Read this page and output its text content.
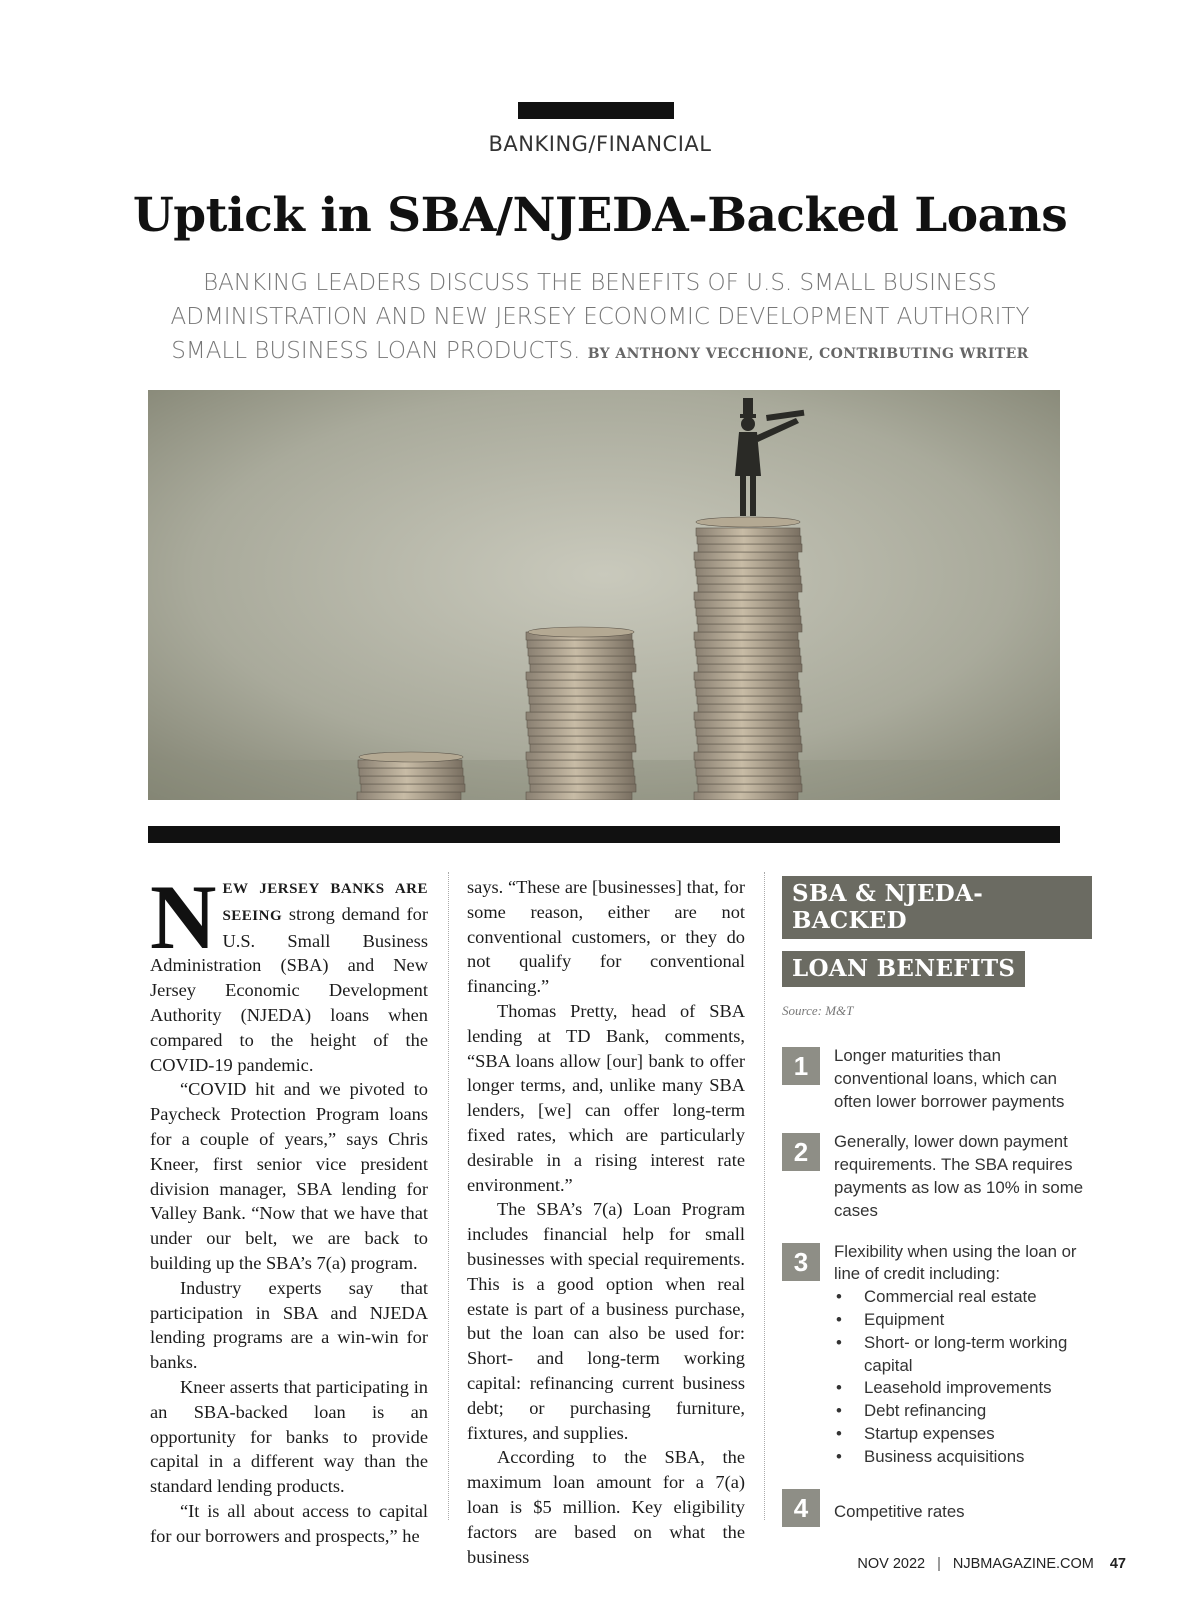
BANKING/FINANCIAL
Uptick in SBA/NJEDA-Backed Loans
BANKING LEADERS DISCUSS THE BENEFITS OF U.S. SMALL BUSINESS ADMINISTRATION AND NEW JERSEY ECONOMIC DEVELOPMENT AUTHORITY SMALL BUSINESS LOAN PRODUCTS. BY ANTHONY VECCHIONE, CONTRIBUTING WRITER

NEW JERSEY BANKS ARE SEEING strong demand for U.S. Small Business Administration (SBA) and New Jersey Economic Development Authority (NJEDA) loans when compared to the height of the COVID-19 pandemic.

“COVID hit and we pivoted to Paycheck Protection Program loans for a couple of years,” says Chris Kneer, first senior vice president division manager, SBA lending for Valley Bank. “Now that we have that under our belt, we are back to building up the SBA’s 7(a) program.

Industry experts say that participation in SBA and NJEDA lending programs are a win-win for banks.

Kneer asserts that participating in an SBA-backed loan is an opportunity for banks to provide capital in a different way than the standard lending products.

“It is all about access to capital for our borrowers and prospects,” he

says. “These are [businesses] that, for some reason, either are not conventional customers, or they do not qualify for conventional financing.”

Thomas Pretty, head of SBA lending at TD Bank, comments, “SBA loans allow [our] bank to offer longer terms, and, unlike many SBA lenders, [we] can offer long-term fixed rates, which are particularly desirable in a rising interest rate environment.”

The SBA’s 7(a) Loan Program includes financial help for small businesses with special requirements. This is a good option when real estate is part of a business purchase, but the loan can also be used for: Short- and long-term working capital: refinancing current business debt; or purchasing furniture, fixtures, and supplies.

According to the SBA, the maximum loan amount for a 7(a) loan is $5 million. Key eligibility factors are based on what the business

SBA & NJEDA-BACKED
LOAN BENEFITS
Source: M&T
1	Longer maturities than conventional loans, which can often lower borrower payments
2	Generally, lower down payment requirements. The SBA requires payments as low as 10% in some cases
3	Flexibility when using the loan or line of credit including:
• Commercial real estate
• Equipment
• Short- or long-term working capital
• Leasehold improvements
• Debt refinancing
• Startup expenses
• Business acquisitions
4	Competitive rates
NOV 2022 | NJBMAGAZINE.COM 47
